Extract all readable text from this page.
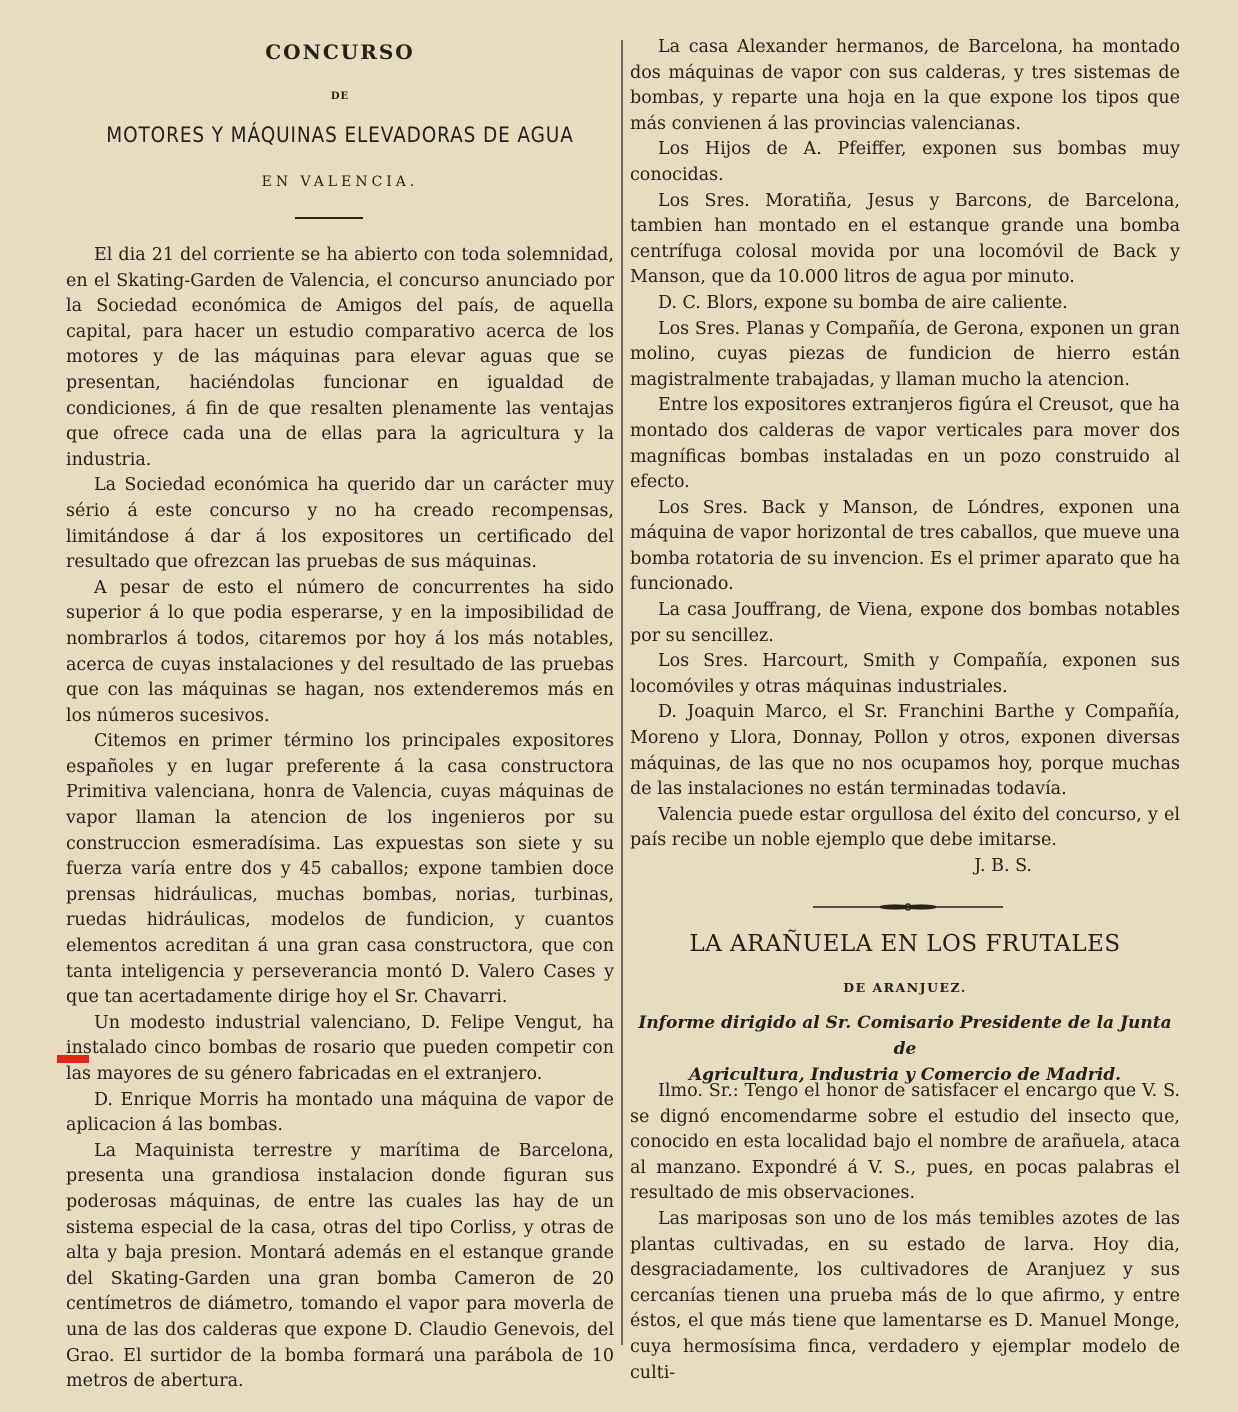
CONCURSO
DE
MOTORES Y MÁQUINAS ELEVADORAS DE AGUA
EN VALENCIA.

El dia 21 del corriente se ha abierto con toda solemnidad, en el Skating-Garden de Valencia, el concurso anunciado por la Sociedad económica de Amigos del país, de aquella capital, para hacer un estudio comparativo acerca de los motores y de las máquinas para elevar aguas que se presentan, haciéndolas funcionar en igualdad de condiciones, á fin de que resalten plenamente las ventajas que ofrece cada una de ellas para la agricultura y la industria.

La Sociedad económica ha querido dar un carácter muy sério á este concurso y no ha creado recompensas, limitándose á dar á los expositores un certificado del resultado que ofrezcan las pruebas de sus máquinas.

A pesar de esto el número de concurrentes ha sido superior á lo que podia esperarse, y en la imposibilidad de nombrarlos á todos, citaremos por hoy á los más notables, acerca de cuyas instalaciones y del resultado de las pruebas que con las máquinas se hagan, nos extenderemos más en los números sucesivos.

Citemos en primer término los principales expositores españoles y en lugar preferente á la casa constructora Primitiva valenciana, honra de Valencia, cuyas máquinas de vapor llaman la atencion de los ingenieros por su construccion esmeradísima. Las expuestas son siete y su fuerza varía entre dos y 45 caballos; expone tambien doce prensas hidráulicas, muchas bombas, norias, turbinas, ruedas hidráulicas, modelos de fundicion, y cuantos elementos acreditan á una gran casa constructora, que con tanta inteligencia y perseverancia montó D. Valero Cases y que tan acertadamente dirige hoy el Sr. Chavarri.

Un modesto industrial valenciano, D. Felipe Vengut, ha instalado cinco bombas de rosario que pueden competir con las mayores de su género fabricadas en el extranjero.

D. Enrique Morris ha montado una máquina de vapor de aplicacion á las bombas.

La Maquinista terrestre y marítima de Barcelona, presenta una grandiosa instalacion donde figuran sus poderosas máquinas, de entre las cuales las hay de un sistema especial de la casa, otras del tipo Corliss, y otras de alta y baja presion. Montará además en el estanque grande del Skating-Garden una gran bomba Cameron de 20 centímetros de diámetro, tomando el vapor para moverla de una de las dos calderas que expone D. Claudio Genevois, del Grao. El surtidor de la bomba formará una parábola de 10 metros de abertura.

La casa Alexander hermanos, de Barcelona, ha montado dos máquinas de vapor con sus calderas, y tres sistemas de bombas, y reparte una hoja en la que expone los tipos que más convienen á las provincias valencianas.

Los Hijos de A. Pfeiffer, exponen sus bombas muy conocidas.

Los Sres. Moratiña, Jesus y Barcons, de Barcelona, tambien han montado en el estanque grande una bomba centrífuga colosal movida por una locomóvil de Back y Manson, que da 10.000 litros de agua por minuto.

D. C. Blors, expone su bomba de aire caliente.

Los Sres. Planas y Compañía, de Gerona, exponen un gran molino, cuyas piezas de fundicion de hierro están magistralmente trabajadas, y llaman mucho la atencion.

Entre los expositores extranjeros figúra el Creusot, que ha montado dos calderas de vapor verticales para mover dos magníficas bombas instaladas en un pozo construido al efecto.

Los Sres. Back y Manson, de Lóndres, exponen una máquina de vapor horizontal de tres caballos, que mueve una bomba rotatoria de su invencion. Es el primer aparato que ha funcionado.

La casa Jouffrang, de Viena, expone dos bombas notables por su sencillez.

Los Sres. Harcourt, Smith y Compañía, exponen sus locomóviles y otras máquinas industriales.

D. Joaquin Marco, el Sr. Franchini Barthe y Compañía, Moreno y Llora, Donnay, Pollon y otros, exponen diversas máquinas, de las que no nos ocupamos hoy, porque muchas de las instalaciones no están terminadas todavía.

Valencia puede estar orgullosa del éxito del concurso, y el país recibe un noble ejemplo que debe imitarse.

J. B. S.

LA ARAÑUELA EN LOS FRUTALES
DE ARANJUEZ.
Informe dirigido al Sr. Comisario Presidente de la Junta de
Agricultura, Industria y Comercio de Madrid.

Ilmo. Sr.: Tengo el honor de satisfacer el encargo que V. S. se dignó encomendarme sobre el estudio del insecto que, conocido en esta localidad bajo el nombre de arañuela, ataca al manzano. Expondré á V. S., pues, en pocas palabras el resultado de mis observaciones.

Las mariposas son uno de los más temibles azotes de las plantas cultivadas, en su estado de larva. Hoy dia, desgraciadamente, los cultivadores de Aranjuez y sus cercanías tienen una prueba más de lo que afirmo, y entre éstos, el que más tiene que lamentarse es D. Manuel Monge, cuya hermosísima finca, verdadero y ejemplar modelo de culti-
